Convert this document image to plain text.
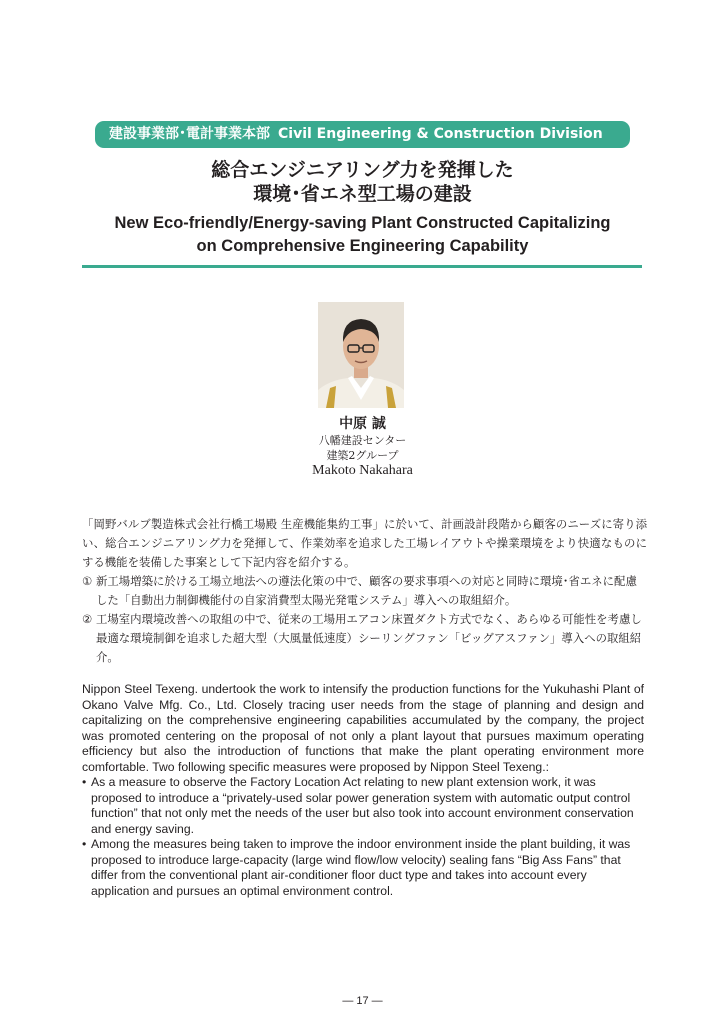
建設事業部･電計事業本部 Civil Engineering & Construction Division
総合エンジニアリング力を発揮した
環境･省エネ型工場の建設
New Eco-friendly/Energy-saving Plant Constructed Capitalizing
on Comprehensive Engineering Capability
中原 誠
八幡建設センター
建築2グループ
Makoto Nakahara

「岡野バルブ製造株式会社行橋工場殿 生産機能集約工事」に於いて、計画設計段階から顧客のニーズに寄り添い、総合エンジニアリング力を発揮して、作業効率を追求した工場レイアウトや操業環境をより快適なものにする機能を装備した事案として下記内容を紹介する。

① 新工場増築に於ける工場立地法への遵法化策の中で、顧客の要求事項への対応と同時に環境･省エネに配慮した「自動出力制御機能付の自家消費型太陽光発電システム」導入への取組紹介。
② 工場室内環境改善への取組の中で、従来の工場用エアコン床置ダクト方式でなく、あらゆる可能性を考慮し最適な環境制御を追求した超大型（大風量低速度）シーリングファン「ビッグアスファン」導入への取組紹介。

Nippon Steel Texeng. undertook the work to intensify the production functions for the Yukuhashi Plant of Okano Valve Mfg. Co., Ltd. Closely tracing user needs from the stage of planning and design and capitalizing on the comprehensive engineering capabilities accumulated by the company, the project was promoted centering on the proposal of not only a plant layout that pursues maximum operating efficiency but also the introduction of functions that make the plant operating environment more comfortable. Two following specific measures were proposed by Nippon Steel Texeng.:

• As a measure to observe the Factory Location Act relating to new plant extension work, it was proposed to introduce a “privately-used solar power generation system with automatic output control function” that not only met the needs of the user but also took into account environment conservation and energy saving.
• Among the measures being taken to improve the indoor environment inside the plant building, it was proposed to introduce large-capacity (large wind flow/low velocity) sealing fans “Big Ass Fans” that differ from the conventional plant air-conditioner floor duct type and takes into account every application and pursues an optimal environment control.
― 17 ―
